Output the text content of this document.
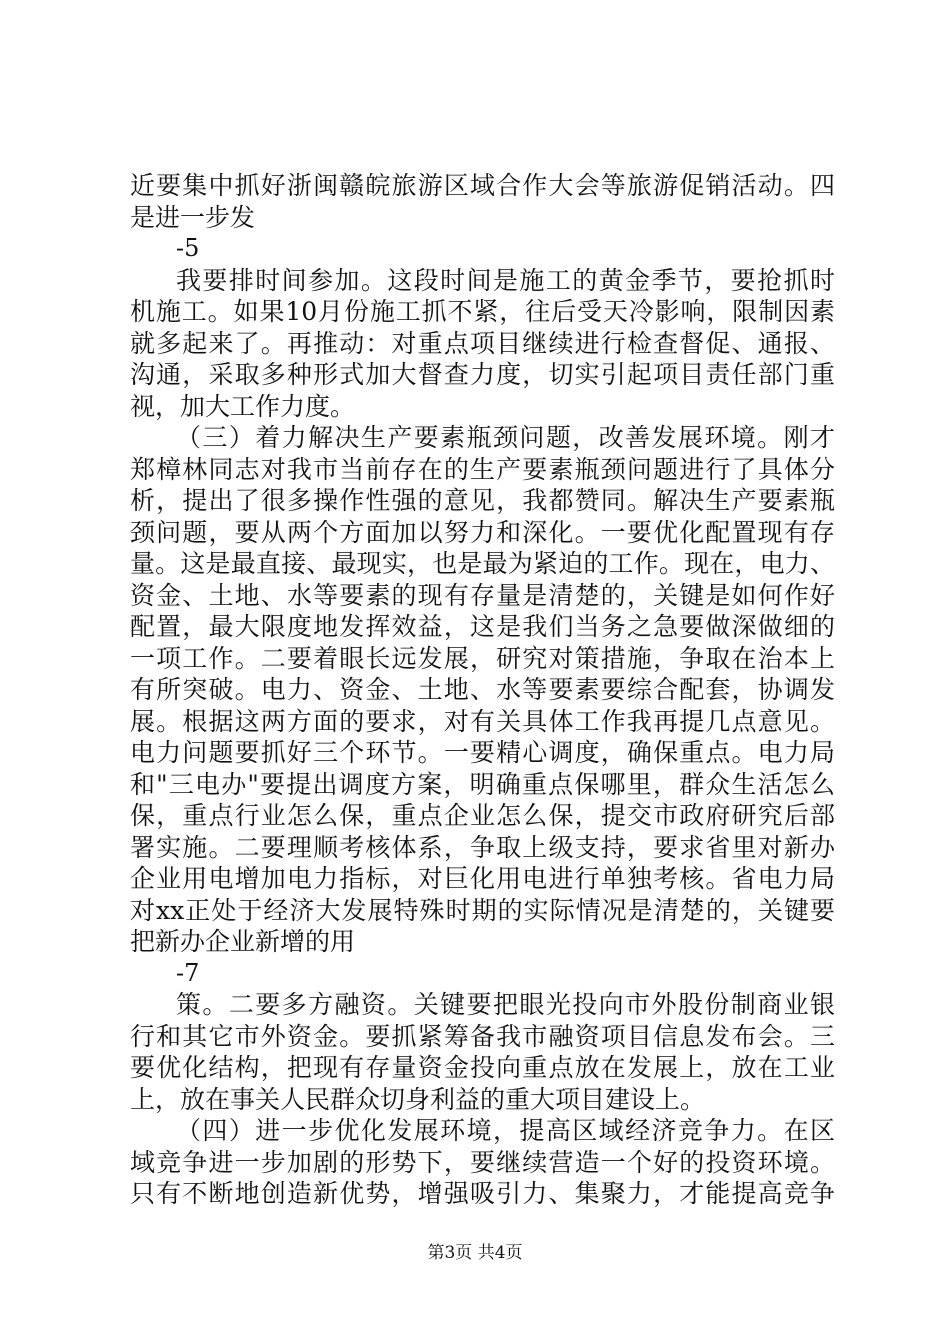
近要集中抓好浙闽赣皖旅游区域合作大会等旅游促销活动。四
是进一步发
-5
我要排时间参加。这段时间是施工的黄金季节，要抢抓时
机施工。如果10月份施工抓不紧，往后受天冷影响，限制因素
就多起来了。再推动：对重点项目继续进行检查督促、通报、
沟通，采取多种形式加大督查力度，切实引起项目责任部门重
视，加大工作力度。
（三）着力解决生产要素瓶颈问题，改善发展环境。刚才
郑樟林同志对我市当前存在的生产要素瓶颈问题进行了具体分
析，提出了很多操作性强的意见，我都赞同。解决生产要素瓶
颈问题，要从两个方面加以努力和深化。一要优化配置现有存
量。这是最直接、最现实，也是最为紧迫的工作。现在，电力、
资金、土地、水等要素的现有存量是清楚的，关键是如何作好
配置，最大限度地发挥效益，这是我们当务之急要做深做细的
一项工作。二要着眼长远发展，研究对策措施，争取在治本上
有所突破。电力、资金、土地、水等要素要综合配套，协调发
展。根据这两方面的要求，对有关具体工作我再提几点意见。
电力问题要抓好三个环节。一要精心调度，确保重点。电力局
和"三电办"要提出调度方案，明确重点保哪里，群众生活怎么
保，重点行业怎么保，重点企业怎么保，提交市政府研究后部
署实施。二要理顺考核体系，争取上级支持，要求省里对新办
企业用电增加电力指标，对巨化用电进行单独考核。省电力局
对xx正处于经济大发展特殊时期的实际情况是清楚的，关键要
把新办企业新增的用
-7
策。二要多方融资。关键要把眼光投向市外股份制商业银
行和其它市外资金。要抓紧筹备我市融资项目信息发布会。三
要优化结构，把现有存量资金投向重点放在发展上，放在工业
上，放在事关人民群众切身利益的重大项目建设上。
（四）进一步优化发展环境，提高区域经济竞争力。在区
域竞争进一步加剧的形势下，要继续营造一个好的投资环境。
只有不断地创造新优势，增强吸引力、集聚力，才能提高竞争
第3页 共4页
